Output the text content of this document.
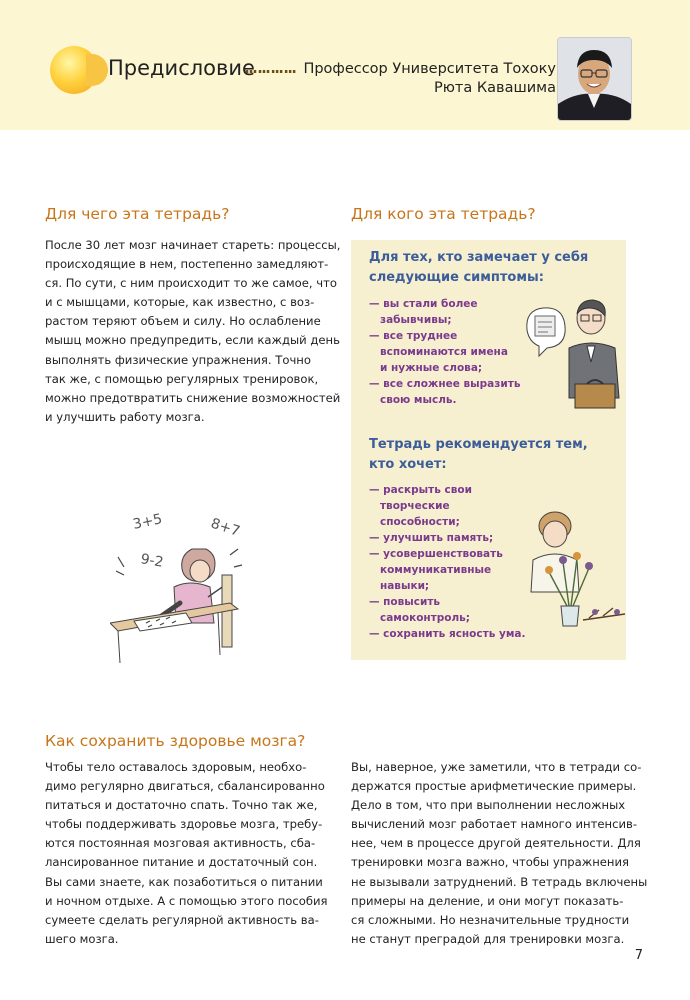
Предисловие
………… Профессор Университета Тохоку
Рюта Кавашима
Для чего эта тетрадь?
После 30 лет мозг начинает стареть: процессы,
происходящие в нем, постепенно замедляют-
ся. По сути, с ним происходит то же самое, что
и с мышцами, которые, как известно, с воз-
растом теряют объем и силу. Но ослабление
мышц можно предупредить, если каждый день
выполнять физические упражнения. Точно
так же, с помощью регулярных тренировок,
можно предотвратить снижение возможностей
и улучшить работу мозга.
3+5	8+7
9-2
Для кого эта тетрадь?
Для тех, кто замечает у себя
следующие симптомы:
— вы стали более
забывчивы;
— все труднее
вспоминаются имена
и нужные слова;
— все сложнее выразить
свою мысль.
Тетрадь рекомендуется тем,
кто хочет:
— раскрыть свои
творческие
способности;
— улучшить память;
— усовершенствовать
коммуникативные
навыки;
— повысить
самоконтроль;
— сохранить ясность ума.
Как сохранить здоровье мозга?
Чтобы тело оставалось здоровым, необхо-
димо регулярно двигаться, сбалансированно
питаться и достаточно спать. Точно так же,
чтобы поддерживать здоровье мозга, требу-
ются постоянная мозговая активность, сба-
лансированное питание и достаточный сон.
Вы сами знаете, как позаботиться о питании
и ночном отдыхе. А с помощью этого пособия
сумеете сделать регулярной активность ва-
шего мозга.
Вы, наверное, уже заметили, что в тетради со-
держатся простые арифметические примеры.
Дело в том, что при выполнении несложных
вычислений мозг работает намного интенсив-
нее, чем в процессе другой деятельности. Для
тренировки мозга важно, чтобы упражнения
не вызывали затруднений. В тетрадь включены
примеры на деление, и они могут показать-
ся сложными. Но незначительные трудности
не станут преградой для тренировки мозга.
7
